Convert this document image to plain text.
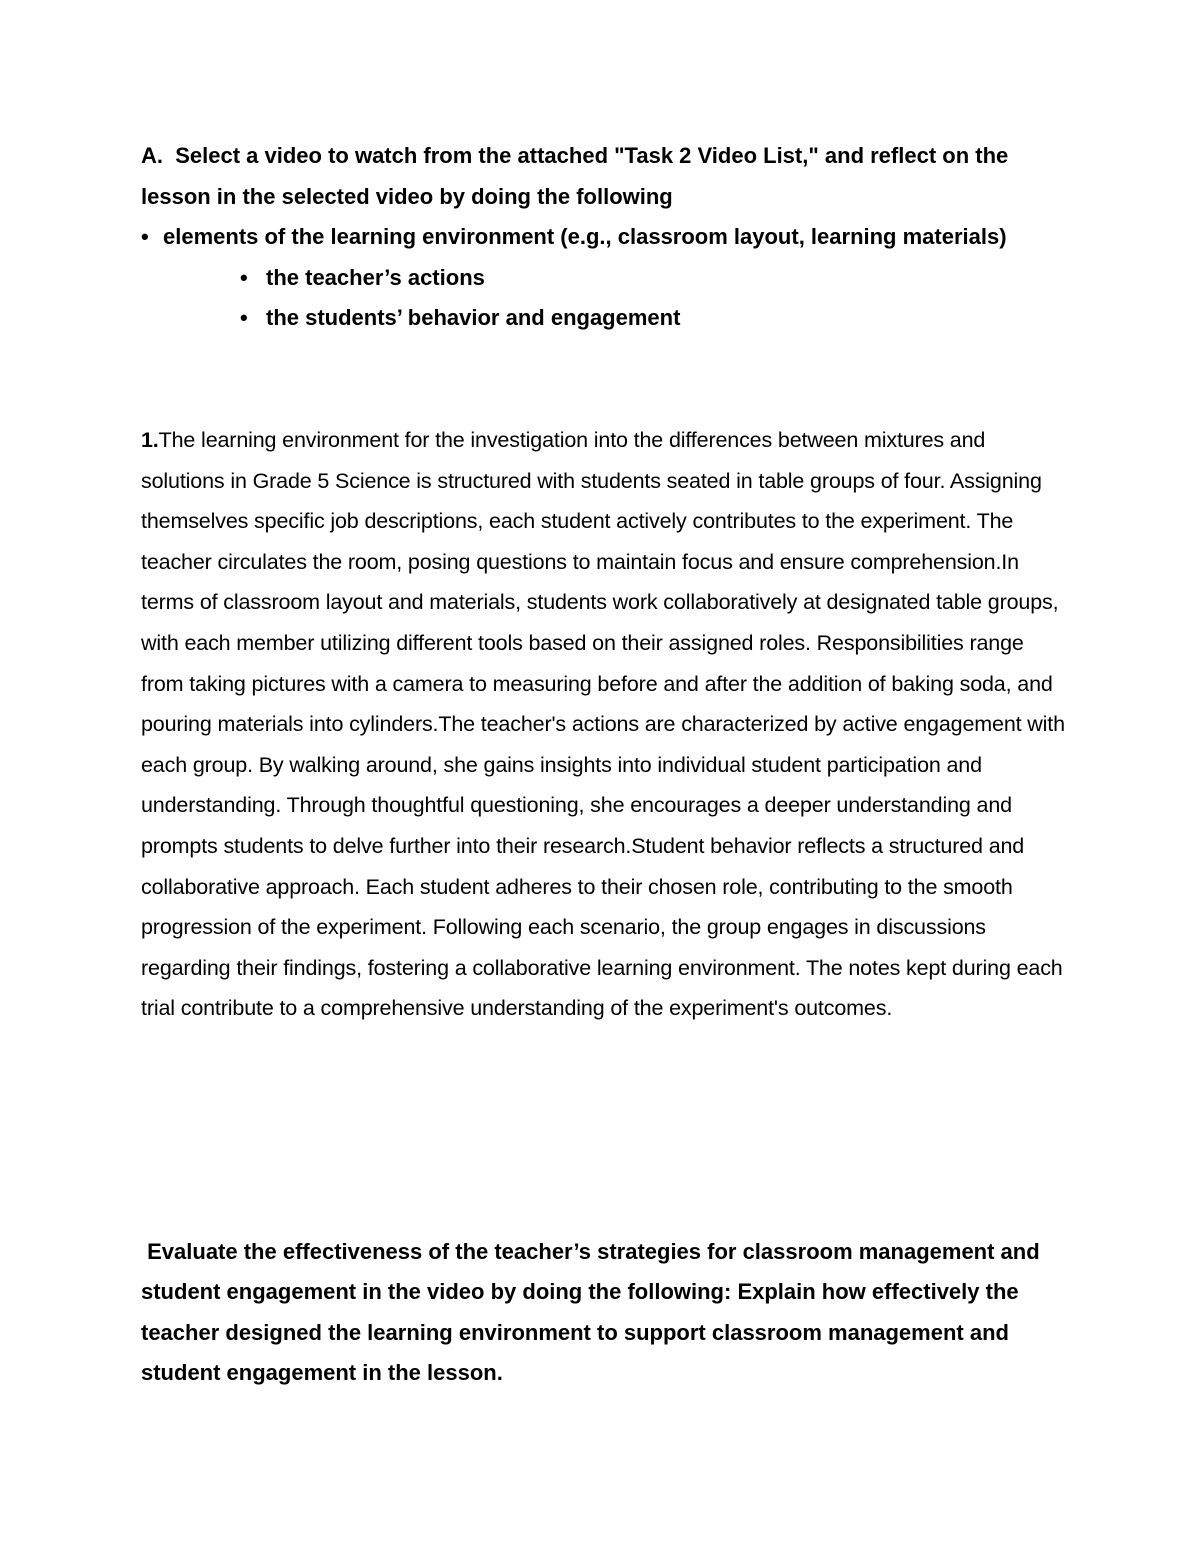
A. Select a video to watch from the attached "Task 2 Video List," and reflect on the lesson in the selected video by doing the following

• elements of the learning environment (e.g., classroom layout, learning materials)

• the teacher’s actions

• the students’ behavior and engagement

1.The learning environment for the investigation into the differences between mixtures and solutions in Grade 5 Science is structured with students seated in table groups of four. Assigning themselves specific job descriptions, each student actively contributes to the experiment. The teacher circulates the room, posing questions to maintain focus and ensure comprehension.In terms of classroom layout and materials, students work collaboratively at designated table groups, with each member utilizing different tools based on their assigned roles. Responsibilities range from taking pictures with a camera to measuring before and after the addition of baking soda, and pouring materials into cylinders.The teacher's actions are characterized by active engagement with each group. By walking around, she gains insights into individual student participation and understanding. Through thoughtful questioning, she encourages a deeper understanding and prompts students to delve further into their research.Student behavior reflects a structured and collaborative approach. Each student adheres to their chosen role, contributing to the smooth progression of the experiment. Following each scenario, the group engages in discussions regarding their findings, fostering a collaborative learning environment. The notes kept during each trial contribute to a comprehensive understanding of the experiment's outcomes.

Evaluate the effectiveness of the teacher’s strategies for classroom management and student engagement in the video by doing the following: Explain how effectively the teacher designed the learning environment to support classroom management and student engagement in the lesson.
